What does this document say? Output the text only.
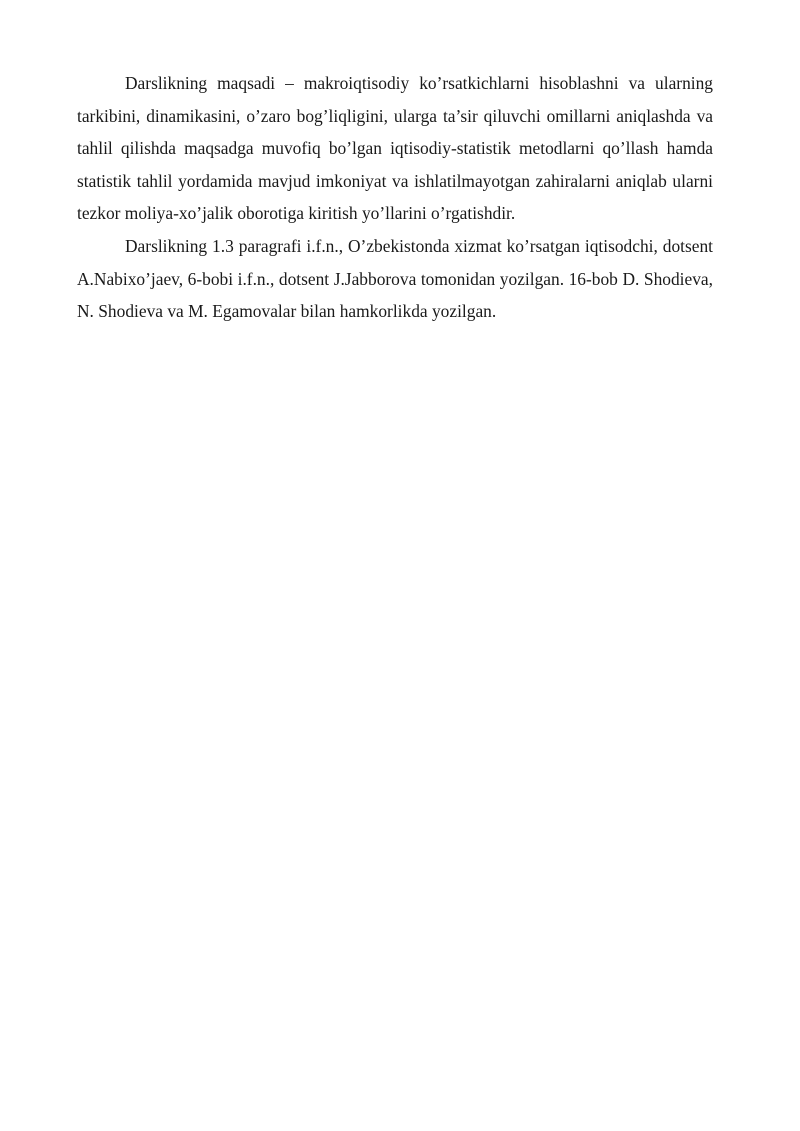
Darslikning maqsadi – makroiqtisodiy ko’rsatkichlarni hisoblashni va ularning tarkibini, dinamikasini, o’zaro bog’liqligini, ularga ta’sir qiluvchi omillarni aniqlashda va tahlil qilishda maqsadga muvofiq bo’lgan iqtisodiy-statistik metodlarni qo’llash hamda statistik tahlil yordamida mavjud imkoniyat va ishlatilmayotgan zahiralarni aniqlab ularni tezkor moliya-xo’jalik oborotiga kiritish yo’llarini o’rgatishdir.

Darslikning 1.3 paragrafi i.f.n., O’zbekistonda xizmat ko’rsatgan iqtisodchi, dotsent A.Nabixo’jaev, 6-bobi i.f.n., dotsent J.Jabborova tomonidan yozilgan. 16-bob D. Shodieva, N. Shodieva va M. Egamovalar bilan hamkorlikda yozilgan.
